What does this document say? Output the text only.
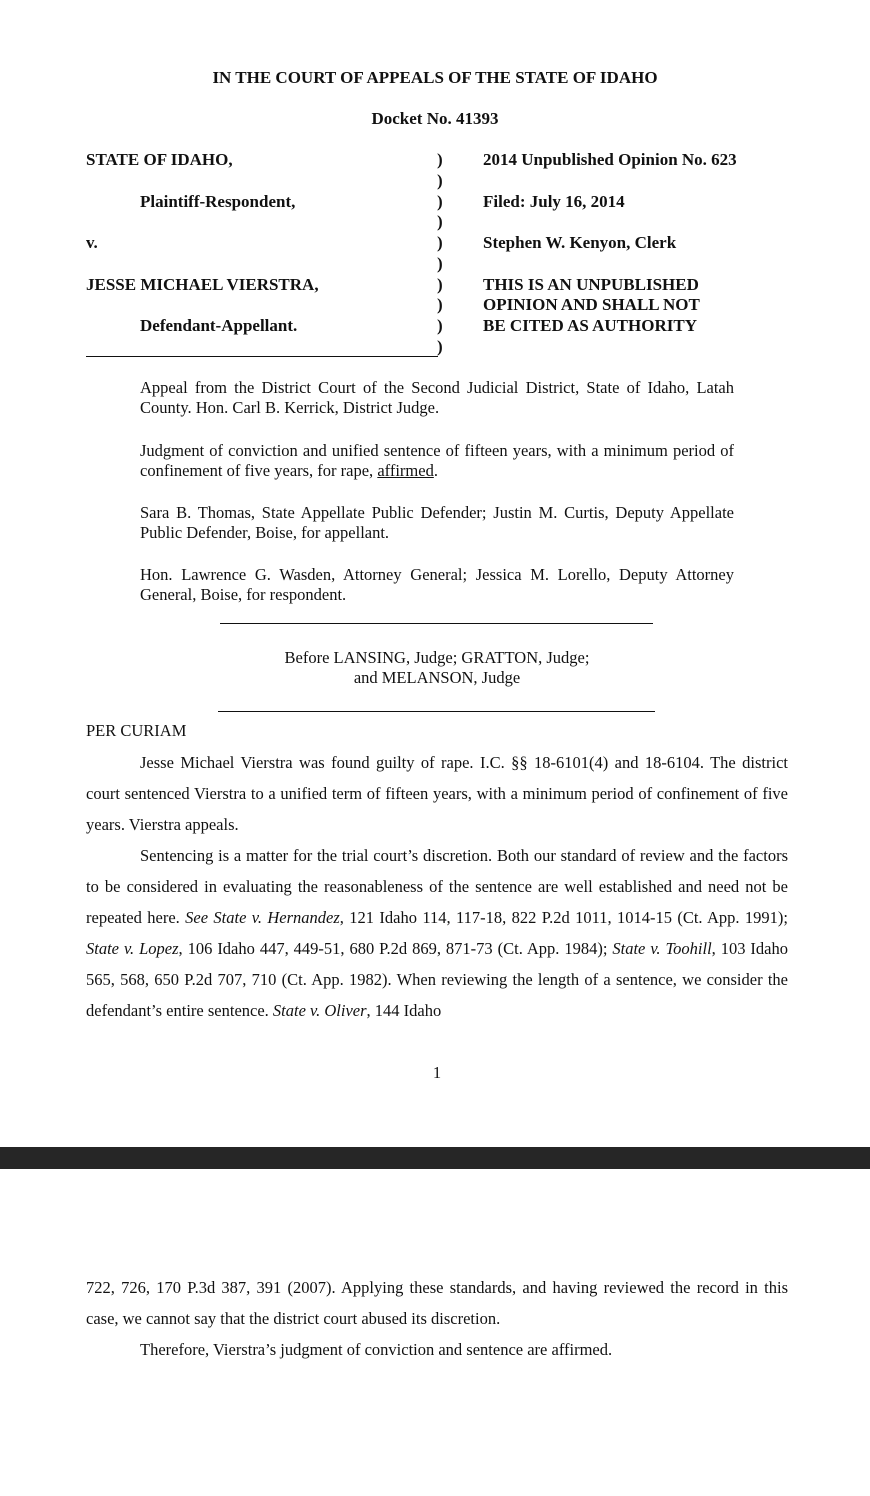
IN THE COURT OF APPEALS OF THE STATE OF IDAHO
Docket No. 41393
STATE OF IDAHO,
Plaintiff-Respondent,
v.
JESSE MICHAEL VIERSTRA,
Defendant-Appellant.
)
)
)
)
)
)
)
)
)
)
2014 Unpublished Opinion No. 623
Filed: July 16, 2014
Stephen W. Kenyon, Clerk
THIS IS AN UNPUBLISHED
OPINION AND SHALL NOT
BE CITED AS AUTHORITY
Appeal from the District Court of the Second Judicial District, State of Idaho, Latah County. Hon. Carl B. Kerrick, District Judge.
Judgment of conviction and unified sentence of fifteen years, with a minimum period of confinement of five years, for rape, affirmed.
Sara B. Thomas, State Appellate Public Defender; Justin M. Curtis, Deputy Appellate Public Defender, Boise, for appellant.
Hon. Lawrence G. Wasden, Attorney General; Jessica M. Lorello, Deputy Attorney General, Boise, for respondent.
Before LANSING, Judge; GRATTON, Judge;
and MELANSON, Judge
PER CURIAM

Jesse Michael Vierstra was found guilty of rape. I.C. §§ 18-6101(4) and 18-6104. The district court sentenced Vierstra to a unified term of fifteen years, with a minimum period of confinement of five years. Vierstra appeals.

Sentencing is a matter for the trial court’s discretion. Both our standard of review and the factors to be considered in evaluating the reasonableness of the sentence are well established and need not be repeated here. See State v. Hernandez, 121 Idaho 114, 117-18, 822 P.2d 1011, 1014-15 (Ct. App. 1991); State v. Lopez, 106 Idaho 447, 449-51, 680 P.2d 869, 871-73 (Ct. App. 1984); State v. Toohill, 103 Idaho 565, 568, 650 P.2d 707, 710 (Ct. App. 1982). When reviewing the length of a sentence, we consider the defendant’s entire sentence. State v. Oliver, 144 Idaho

1

722, 726, 170 P.3d 387, 391 (2007). Applying these standards, and having reviewed the record in this case, we cannot say that the district court abused its discretion.

Therefore, Vierstra’s judgment of conviction and sentence are affirmed.
